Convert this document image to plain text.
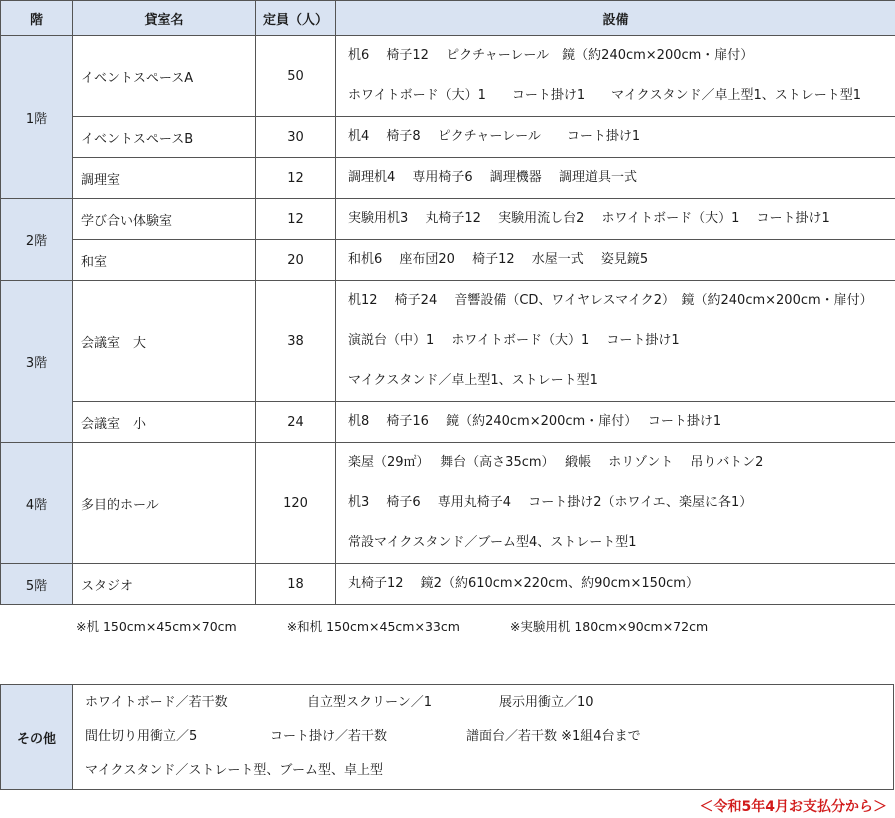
階	貸室名	定員（人）	設備
1階	イベントスペースA	50	机6　 椅子12　 ピクチャーレール　鏡（約240cm×200cm・扉付）
ホワイトボード（大）1　　コート掛け1　　マイクスタンド／卓上型1、ストレート型1

	イベントスペースB	30	机4　 椅子8　 ピクチャーレール　　コート掛け1

	調理室	12	調理机4　 専用椅子6　 調理機器　 調理道具一式

2階	学び合い体験室	12	実験用机3　 丸椅子12　 実験用流し台2　 ホワイトボード（大）1　 コート掛け1

	和室	20	和机6　 座布団20　 椅子12　 水屋一式　 姿見鏡5

3階	会議室　大	38	机12　 椅子24　 音響設備（CD、ワイヤレスマイク2）　鏡（約240cm×200cm・扉付）
演説台（中）1　 ホワイトボード（大）1　 コート掛け1
マイクスタンド／卓上型1、ストレート型1

	会議室　小	24	机8　 椅子16　 鏡（約240cm×200cm・扉付）　 コート掛け1

4階	多目的ホール	120	楽屋（29㎡）　 舞台（高さ35cm）　 緞帳　 ホリゾント　 吊りバトン2
机3　 椅子6　 専用丸椅子4　 コート掛け2（ホワイエ、楽屋に各1）
常設マイクスタンド／ブーム型4、ストレート型1

5階	スタジオ	18	丸椅子12　 鏡2（約610cm×220cm、約90cm×150cm）
※机 150cm×45cm×70cm	※和机 150cm×45cm×33cm	※実験用机 180cm×90cm×72cm
その他	
ホワイトボード／若干数	自立型スクリーン／1	展示用衝立／10
間仕切り用衝立／5	コート掛け／若干数	譜面台／若干数 ※1組4台まで
マイクスタンド／ストレート型、ブーム型、卓上型
＜令和5年4月お支払分から＞
